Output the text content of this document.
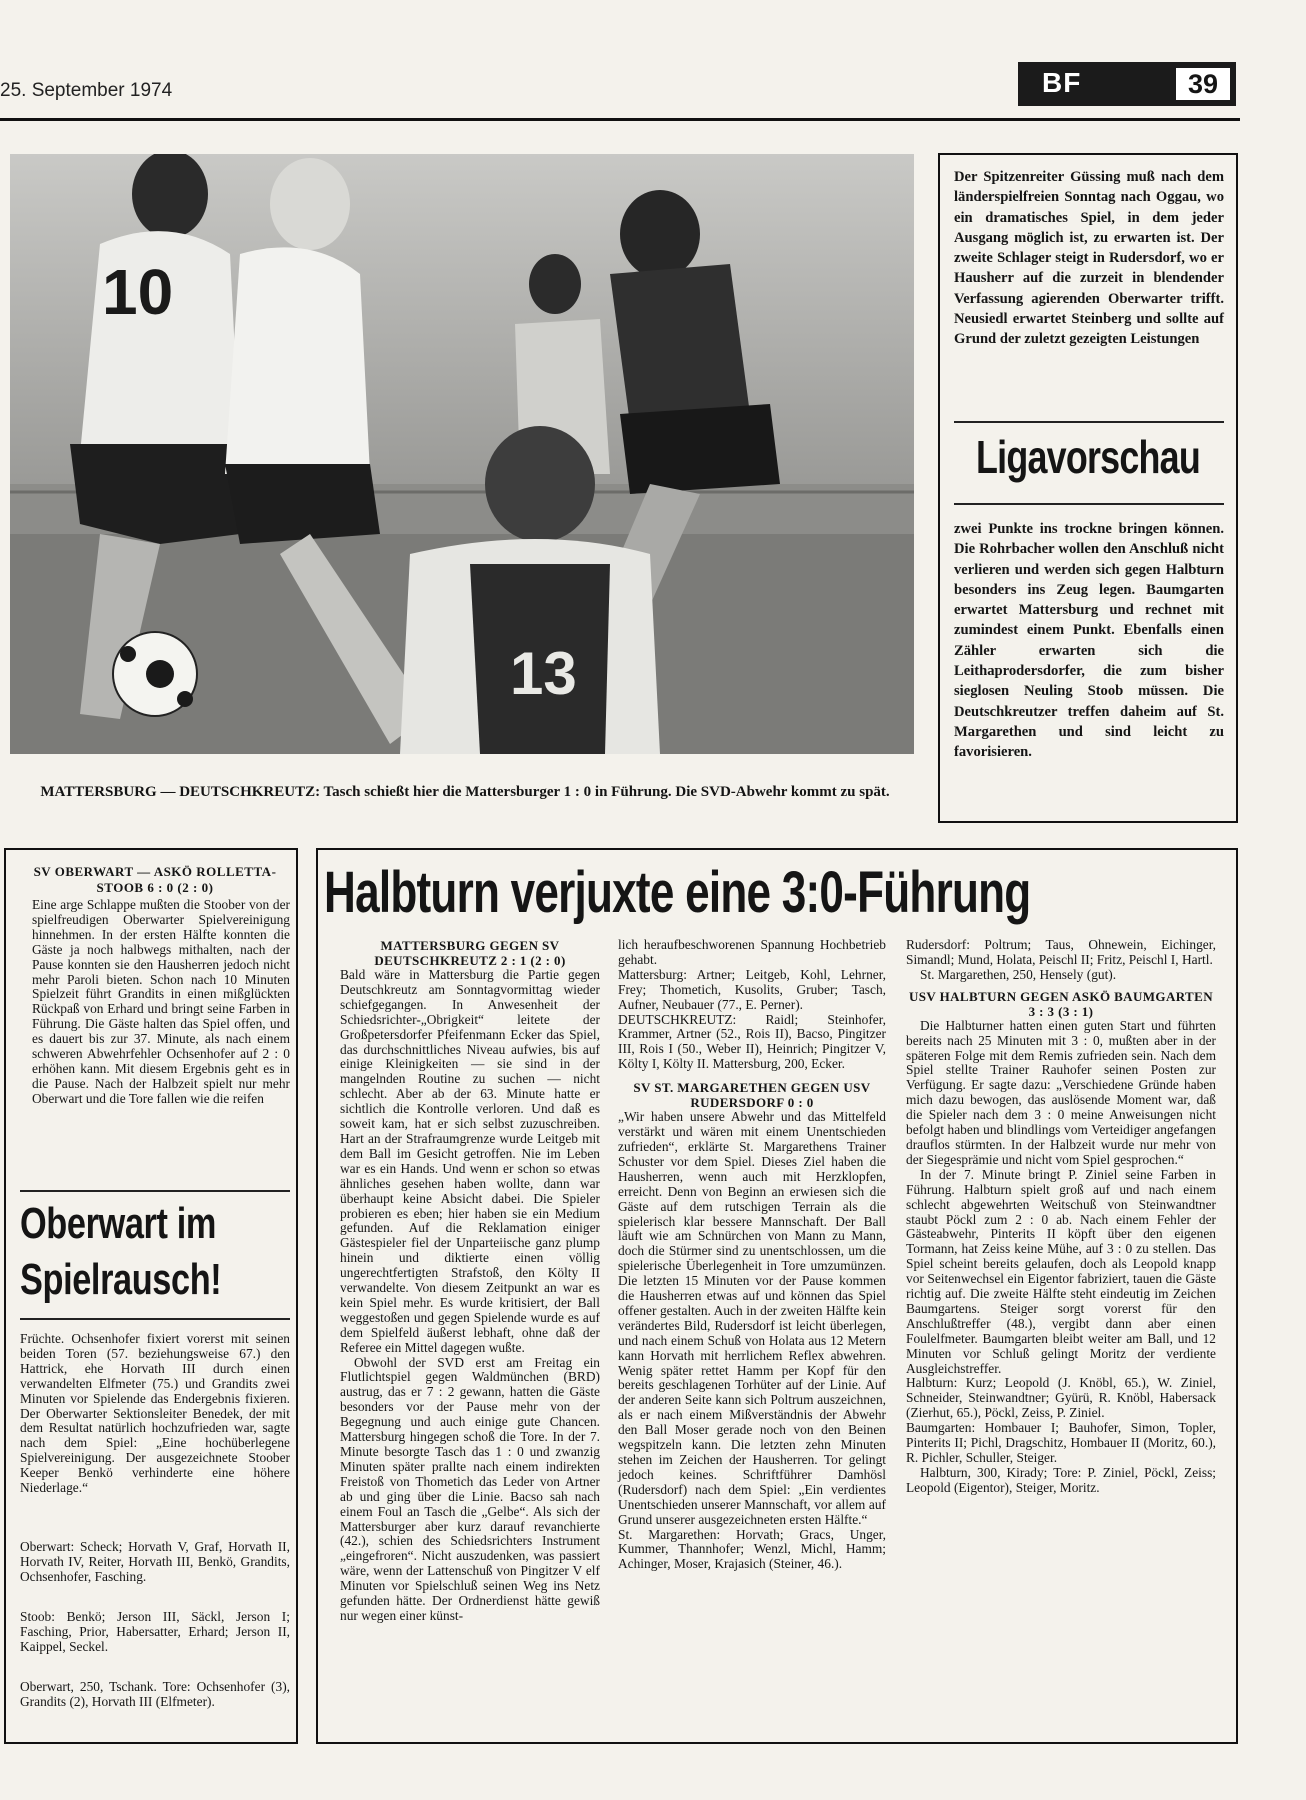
25. September 1974	BF	39
10
13
MATTERSBURG — DEUTSCHKREUTZ: Tasch schießt hier die Mattersburger 1 : 0 in Führung. Die SVD-Abwehr kommt zu spät.
Der Spitzenreiter Güssing muß nach dem länderspielfreien Sonntag nach Oggau, wo ein dramatisches Spiel, in dem jeder Ausgang möglich ist, zu erwarten ist. Der zweite Schlager steigt in Rudersdorf, wo er Hausherr auf die zurzeit in blendender Verfassung agierenden Oberwarter trifft. Neusiedl erwartet Steinberg und sollte auf Grund der zuletzt gezeigten Leistungen
Ligavorschau
zwei Punkte ins trockne bringen können. Die Rohrbacher wollen den Anschluß nicht verlieren und werden sich gegen Halbturn besonders ins Zeug legen. Baumgarten erwartet Mattersburg und rechnet mit zumindest einem Punkt. Ebenfalls einen Zähler erwarten sich die Leithaprodersdorfer, die zum bisher sieglosen Neuling Stoob müssen. Die Deutschkreutzer treffen daheim auf St. Margarethen und sind leicht zu favorisieren.
SV OBERWART — ASKÖ ROLLETTA-STOOB 6 : 0 (2 : 0)
Eine arge Schlappe mußten die Stoober von der spielfreudigen Oberwarter Spielvereinigung hinnehmen. In der ersten Hälfte konnten die Gäste ja noch halbwegs mithalten, nach der Pause konnten sie den Hausherren jedoch nicht mehr Paroli bieten. Schon nach 10 Minuten Spielzeit führt Grandits in einen mißglückten Rückpaß von Erhard und bringt seine Farben in Führung. Die Gäste halten das Spiel offen, und es dauert bis zur 37. Minute, als nach einem schweren Abwehrfehler Ochsenhofer auf 2 : 0 erhöhen kann. Mit diesem Ergebnis geht es in die Pause. Nach der Halbzeit spielt nur mehr Oberwart und die Tore fallen wie die reifen
Oberwart im
Spielrausch!
Früchte. Ochsenhofer fixiert vorerst mit seinen beiden Toren (57. beziehungsweise 67.) den Hattrick, ehe Horvath III durch einen verwandelten Elfmeter (75.) und Grandits zwei Minuten vor Spielende das Endergebnis fixieren. Der Oberwarter Sektionsleiter Benedek, der mit dem Resultat natürlich hochzufrieden war, sagte nach dem Spiel: „Eine hochüberlegene Spielvereinigung. Der ausgezeichnete Stoober Keeper Benkö verhinderte eine höhere Niederlage.“
Oberwart: Scheck; Horvath V, Graf, Horvath II, Horvath IV, Reiter, Horvath III, Benkö, Grandits, Ochsenhofer, Fasching.
Stoob: Benkö; Jerson III, Säckl, Jerson I; Fasching, Prior, Habersatter, Erhard; Jerson II, Kaippel, Seckel.
Oberwart, 250, Tschank. Tore: Ochsenhofer (3), Grandits (2), Horvath III (Elfmeter).
Halbturn verjuxte eine 3:0-Führung
MATTERSBURG GEGEN SV DEUTSCHKREUTZ 2 : 1 (2 : 0)

Bald wäre in Mattersburg die Partie gegen Deutschkreutz am Sonntagvormittag wieder schiefgegangen. In Anwesenheit der Schiedsrichter-„Obrigkeit“ leitete der Großpetersdorfer Pfeifenmann Ecker das Spiel, das durchschnittliches Niveau aufwies, bis auf einige Kleinigkeiten — sie sind in der mangelnden Routine zu suchen — nicht schlecht. Aber ab der 63. Minute hatte er sichtlich die Kontrolle verloren. Und daß es soweit kam, hat er sich selbst zuzuschreiben. Hart an der Strafraumgrenze wurde Leitgeb mit dem Ball im Gesicht getroffen. Nie im Leben war es ein Hands. Und wenn er schon so etwas ähnliches gesehen haben wollte, dann war überhaupt keine Absicht dabei. Die Spieler probieren es eben; hier haben sie ein Medium gefunden. Auf die Reklamation einiger Gästespieler fiel der Unparteiische ganz plump hinein und diktierte einen völlig ungerechtfertigten Strafstoß, den Költy II verwandelte. Von diesem Zeitpunkt an war es kein Spiel mehr. Es wurde kritisiert, der Ball weggestoßen und gegen Spielende wurde es auf dem Spielfeld äußerst lebhaft, ohne daß der Referee ein Mittel dagegen wußte.

Obwohl der SVD erst am Freitag ein Flutlichtspiel gegen Waldmünchen (BRD) austrug, das er 7 : 2 gewann, hatten die Gäste besonders vor der Pause mehr von der Begegnung und auch einige gute Chancen. Mattersburg hingegen schoß die Tore. In der 7. Minute besorgte Tasch das 1 : 0 und zwanzig Minuten später prallte nach einem indirekten Freistoß von Thometich das Leder von Artner ab und ging über die Linie. Bacso sah nach einem Foul an Tasch die „Gelbe“. Als sich der Mattersburger aber kurz darauf revanchierte (42.), schien des Schiedsrichters Instrument „eingefroren“. Nicht auszudenken, was passiert wäre, wenn der Lattenschuß von Pingitzer V elf Minuten vor Spielschluß seinen Weg ins Netz gefunden hätte. Der Ordnerdienst hätte gewiß nur wegen einer künst-

lich heraufbeschworenen Spannung Hochbetrieb gehabt.

Mattersburg: Artner; Leitgeb, Kohl, Lehrner, Frey; Thometich, Kusolits, Gruber; Tasch, Aufner, Neubauer (77., E. Perner).

DEUTSCHKREUTZ: Raidl; Steinhofer, Krammer, Artner (52., Rois II), Bacso, Pingitzer III, Rois I (50., Weber II), Heinrich; Pingitzer V, Költy I, Költy II. Mattersburg, 200, Ecker.

SV ST. MARGARETHEN GEGEN USV RUDERSDORF 0 : 0

„Wir haben unsere Abwehr und das Mittelfeld verstärkt und wären mit einem Unentschieden zufrieden“, erklärte St. Margarethens Trainer Schuster vor dem Spiel. Dieses Ziel haben die Hausherren, wenn auch mit Herzklopfen, erreicht. Denn von Beginn an erwiesen sich die Gäste auf dem rutschigen Terrain als die spielerisch klar bessere Mannschaft. Der Ball läuft wie am Schnürchen von Mann zu Mann, doch die Stürmer sind zu unentschlossen, um die spielerische Überlegenheit in Tore umzumünzen. Die letzten 15 Minuten vor der Pause kommen die Hausherren etwas auf und können das Spiel offener gestalten. Auch in der zweiten Hälfte kein verändertes Bild, Rudersdorf ist leicht überlegen, und nach einem Schuß von Holata aus 12 Metern kann Horvath mit herrlichem Reflex abwehren. Wenig später rettet Hamm per Kopf für den bereits geschlagenen Torhüter auf der Linie. Auf der anderen Seite kann sich Poltrum auszeichnen, als er nach einem Mißverständnis der Abwehr den Ball Moser gerade noch von den Beinen wegspitzeln kann. Die letzten zehn Minuten stehen im Zeichen der Hausherren. Tor gelingt jedoch keines. Schriftführer Damhösl (Rudersdorf) nach dem Spiel: „Ein verdientes Unentschieden unserer Mannschaft, vor allem auf Grund unserer ausgezeichneten ersten Hälfte.“

St. Margarethen: Horvath; Gracs, Unger, Kummer, Thannhofer; Wenzl, Michl, Hamm; Achinger, Moser, Krajasich (Steiner, 46.).

Rudersdorf: Poltrum; Taus, Ohnewein, Eichinger, Simandl; Mund, Holata, Peischl II; Fritz, Peischl I, Hartl.

St. Margarethen, 250, Hensely (gut).

USV HALBTURN GEGEN ASKÖ BAUMGARTEN 3 : 3 (3 : 1)

Die Halbturner hatten einen guten Start und führten bereits nach 25 Minuten mit 3 : 0, mußten aber in der späteren Folge mit dem Remis zufrieden sein. Nach dem Spiel stellte Trainer Rauhofer seinen Posten zur Verfügung. Er sagte dazu: „Verschiedene Gründe haben mich dazu bewogen, das auslösende Moment war, daß die Spieler nach dem 3 : 0 meine Anweisungen nicht befolgt haben und blindlings vom Verteidiger angefangen drauflos stürmten. In der Halbzeit wurde nur mehr von der Siegesprämie und nicht vom Spiel gesprochen.“

In der 7. Minute bringt P. Ziniel seine Farben in Führung. Halbturn spielt groß auf und nach einem schlecht abgewehrten Weitschuß von Steinwandtner staubt Pöckl zum 2 : 0 ab. Nach einem Fehler der Gästeabwehr, Pinterits II köpft über den eigenen Tormann, hat Zeiss keine Mühe, auf 3 : 0 zu stellen. Das Spiel scheint bereits gelaufen, doch als Leopold knapp vor Seitenwechsel ein Eigentor fabriziert, tauen die Gäste richtig auf. Die zweite Hälfte steht eindeutig im Zeichen Baumgartens. Steiger sorgt vorerst für den Anschlußtreffer (48.), vergibt dann aber einen Foulelfmeter. Baumgarten bleibt weiter am Ball, und 12 Minuten vor Schluß gelingt Moritz der verdiente Ausgleichstreffer.

Halbturn: Kurz; Leopold (J. Knöbl, 65.), W. Ziniel, Schneider, Steinwandtner; Gyürü, R. Knöbl, Habersack (Zierhut, 65.), Pöckl, Zeiss, P. Ziniel.

Baumgarten: Hombauer I; Bauhofer, Simon, Topler, Pinterits II; Pichl, Dragschitz, Hombauer II (Moritz, 60.), R. Pichler, Schuller, Steiger.

Halbturn, 300, Kirady; Tore: P. Ziniel, Pöckl, Zeiss; Leopold (Eigentor), Steiger, Moritz.
